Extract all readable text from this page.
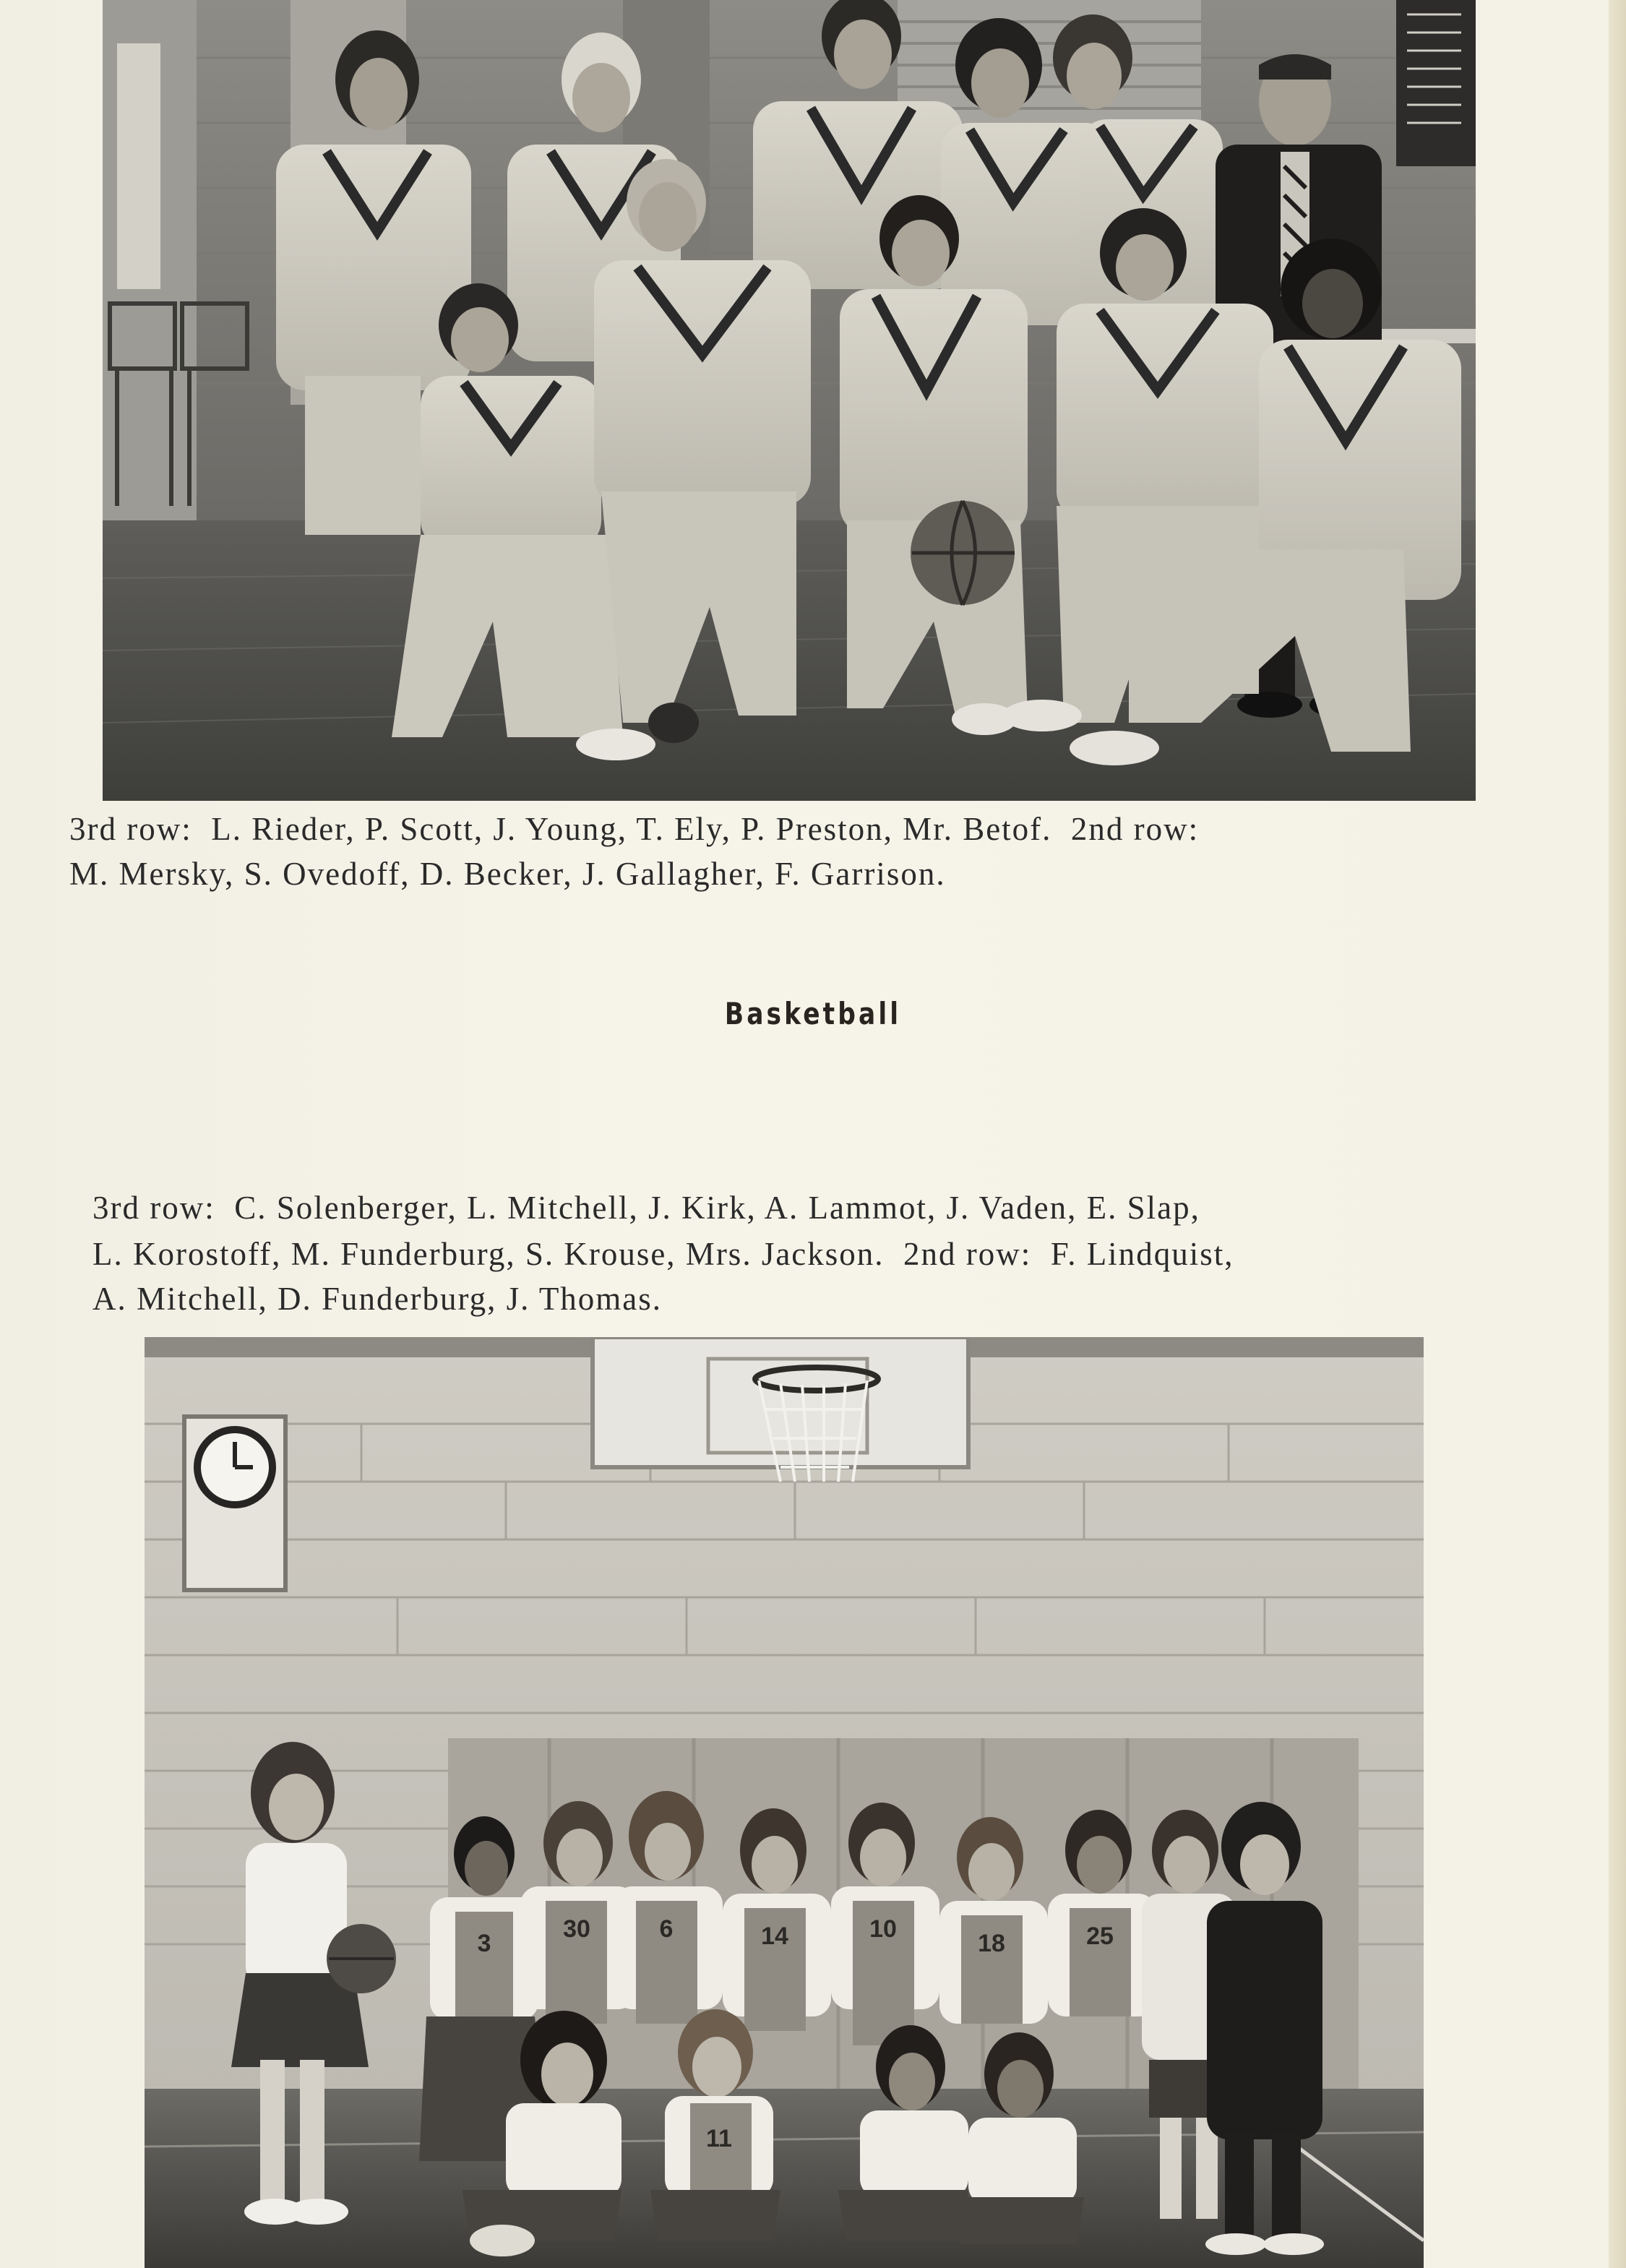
3rd row:  L. Rieder, P. Scott, J. Young, T. Ely, P. Preston, Mr. Betof.  2nd row:

M. Mersky, S. Ovedoff, D. Becker, J. Gallagher, F. Garrison.

Basketball

3rd row:  C. Solenberger, L. Mitchell, J. Kirk, A. Lammot, J. Vaden, E. Slap,

L. Korostoff, M. Funderburg, S. Krouse, Mrs. Jackson.  2nd row:  F. Lindquist,

A. Mitchell, D. Funderburg, J. Thomas.

3
30	6	14	10
18	25
11
